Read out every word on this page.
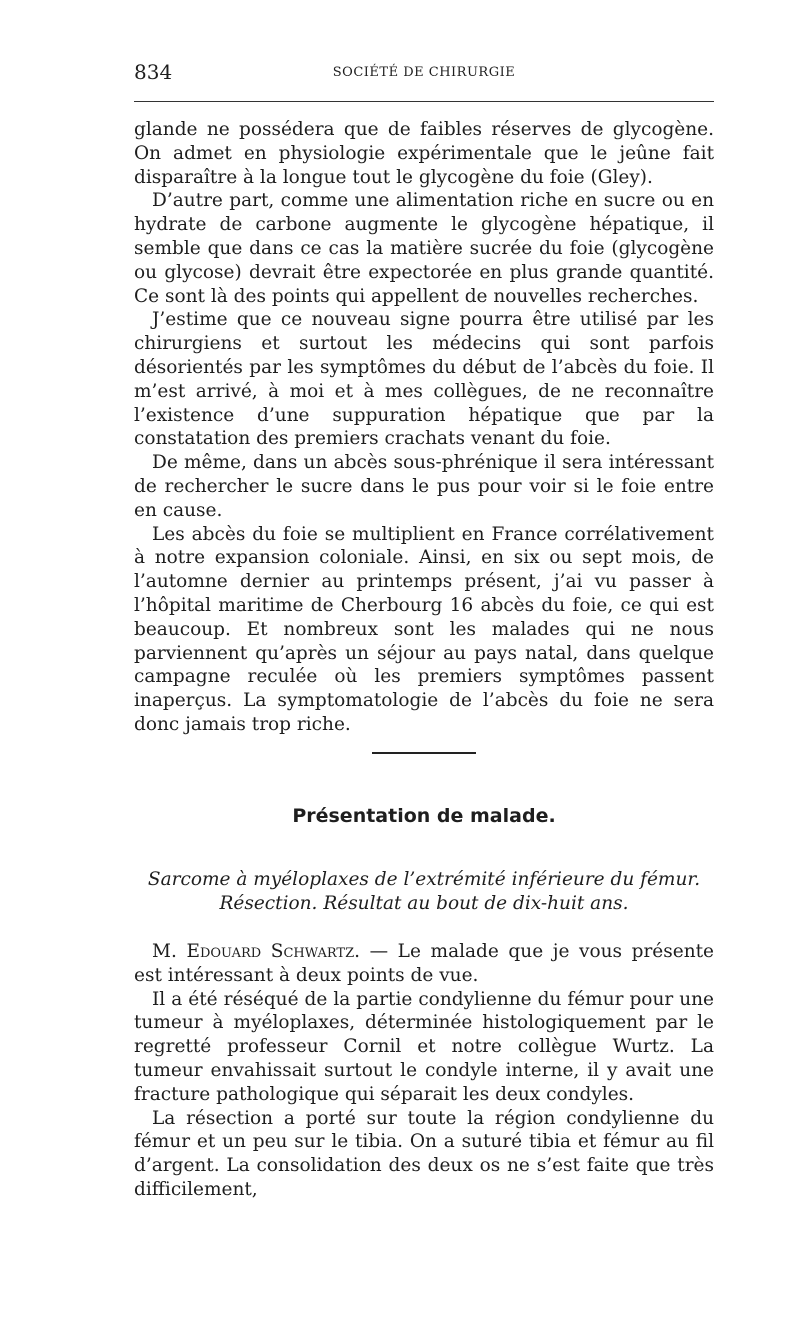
834	SOCIÉTÉ DE CHIRURGIE

glande ne possédera que de faibles réserves de glycogène. On admet en physiologie expérimentale que le jeûne fait disparaître à la longue tout le glycogène du foie (Gley).

D’autre part, comme une alimentation riche en sucre ou en hydrate de carbone augmente le glycogène hépatique, il semble que dans ce cas la matière sucrée du foie (glycogène ou glycose) devrait être expectorée en plus grande quantité. Ce sont là des points qui appellent de nouvelles recherches.

J’estime que ce nouveau signe pourra être utilisé par les chirurgiens et surtout les médecins qui sont parfois désorientés par les symptômes du début de l’abcès du foie. Il m’est arrivé, à moi et à mes collègues, de ne reconnaître l’existence d’une suppuration hépatique que par la constatation des premiers crachats venant du foie.

De même, dans un abcès sous-phrénique il sera intéressant de rechercher le sucre dans le pus pour voir si le foie entre en cause.

Les abcès du foie se multiplient en France corrélativement à notre expansion coloniale. Ainsi, en six ou sept mois, de l’automne dernier au printemps présent, j’ai vu passer à l’hôpital maritime de Cherbourg 16 abcès du foie, ce qui est beaucoup. Et nombreux sont les malades qui ne nous parviennent qu’après un séjour au pays natal, dans quelque campagne reculée où les premiers symptômes passent inaperçus. La symptomatologie de l’abcès du foie ne sera donc jamais trop riche.

Présentation de malade.
Sarcome à myéloplaxes de l’extrémité inférieure du fémur.
Résection. Résultat au bout de dix-huit ans.

M. Edouard Schwartz. — Le malade que je vous présente est intéressant à deux points de vue.

Il a été réséqué de la partie condylienne du fémur pour une tumeur à myéloplaxes, déterminée histologiquement par le regretté professeur Cornil et notre collègue Wurtz. La tumeur envahissait surtout le condyle interne, il y avait une fracture pathologique qui séparait les deux condyles.

La résection a porté sur toute la région condylienne du fémur et un peu sur le tibia. On a suturé tibia et fémur au fil d’argent. La consolidation des deux os ne s’est faite que très difficilement,
